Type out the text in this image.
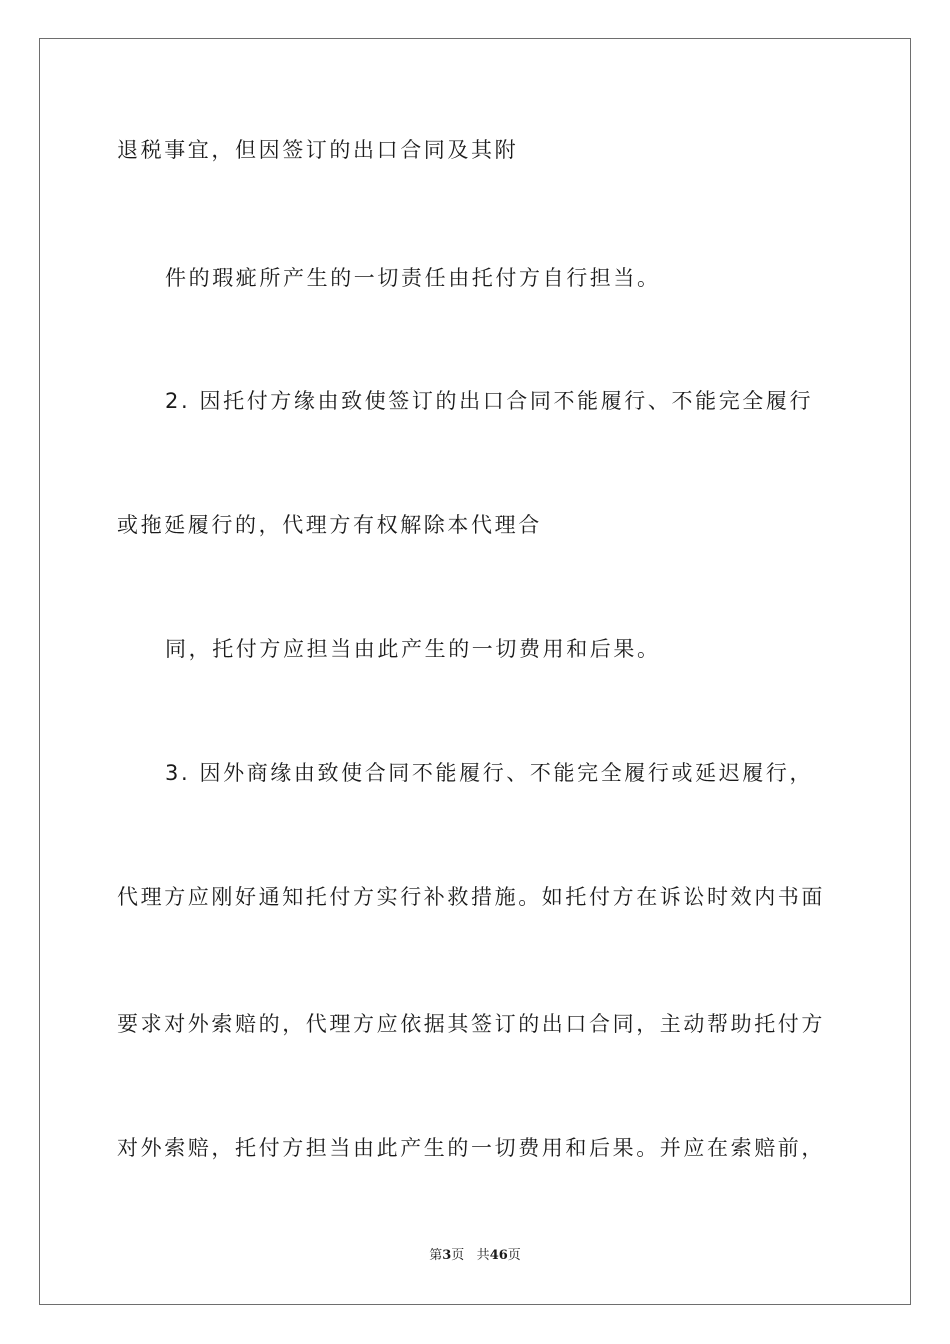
退税事宜，但因签订的出口合同及其附

件的瑕疵所产生的一切责任由托付方自行担当。

2. 因托付方缘由致使签订的出口合同不能履行、不能完全履行

或拖延履行的，代理方有权解除本代理合

同，托付方应担当由此产生的一切费用和后果。

3. 因外商缘由致使合同不能履行、不能完全履行或延迟履行，

代理方应刚好通知托付方实行补救措施。如托付方在诉讼时效内书面

要求对外索赔的，代理方应依据其签订的出口合同，主动帮助托付方

对外索赔，托付方担当由此产生的一切费用和后果。并应在索赔前，

第3页 共46页
